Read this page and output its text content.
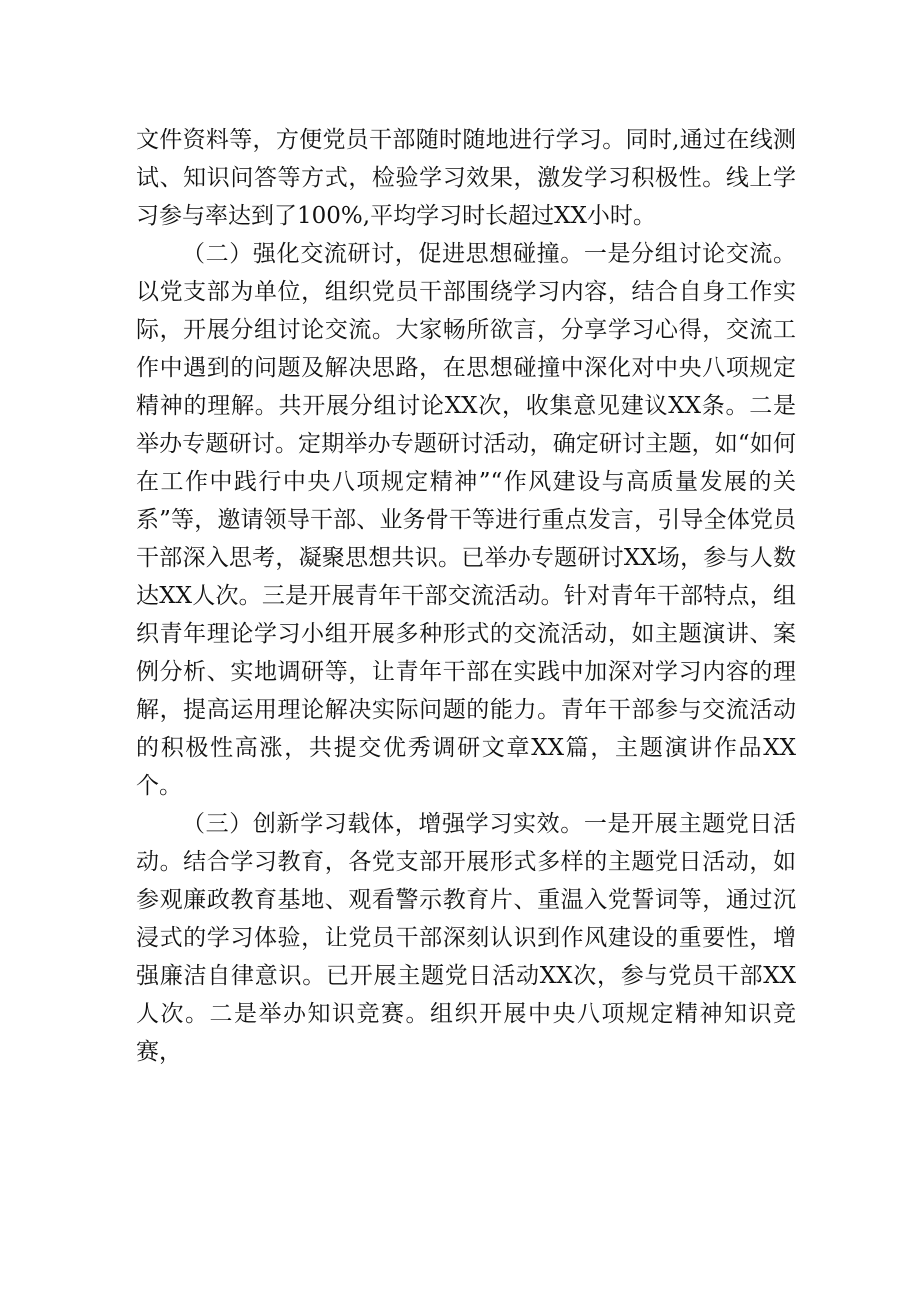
文件资料等，方便党员干部随时随地进行学习。同时,通过在线测试、知识问答等方式，检验学习效果，激发学习积极性。线上学习参与率达到了100%,平均学习时长超过XX小时。

（二）强化交流研讨，促进思想碰撞。一是分组讨论交流。以党支部为单位，组织党员干部围绕学习内容，结合自身工作实际，开展分组讨论交流。大家畅所欲言，分享学习心得，交流工作中遇到的问题及解决思路，在思想碰撞中深化对中央八项规定精神的理解。共开展分组讨论XX次，收集意见建议XX条。二是举办专题研讨。定期举办专题研讨活动，确定研讨主题，如“如何在工作中践行中央八项规定精神”“作风建设与高质量发展的关系”等，邀请领导干部、业务骨干等进行重点发言，引导全体党员干部深入思考，凝聚思想共识。已举办专题研讨XX场，参与人数达XX人次。三是开展青年干部交流活动。针对青年干部特点，组织青年理论学习小组开展多种形式的交流活动，如主题演讲、案例分析、实地调研等，让青年干部在实践中加深对学习内容的理解，提高运用理论解决实际问题的能力。青年干部参与交流活动的积极性高涨，共提交优秀调研文章XX篇，主题演讲作品XX个。

（三）创新学习载体，增强学习实效。一是开展主题党日活动。结合学习教育，各党支部开展形式多样的主题党日活动，如参观廉政教育基地、观看警示教育片、重温入党誓词等，通过沉浸式的学习体验，让党员干部深刻认识到作风建设的重要性，增强廉洁自律意识。已开展主题党日活动XX次，参与党员干部XX人次。二是举办知识竞赛。组织开展中央八项规定精神知识竞赛，
